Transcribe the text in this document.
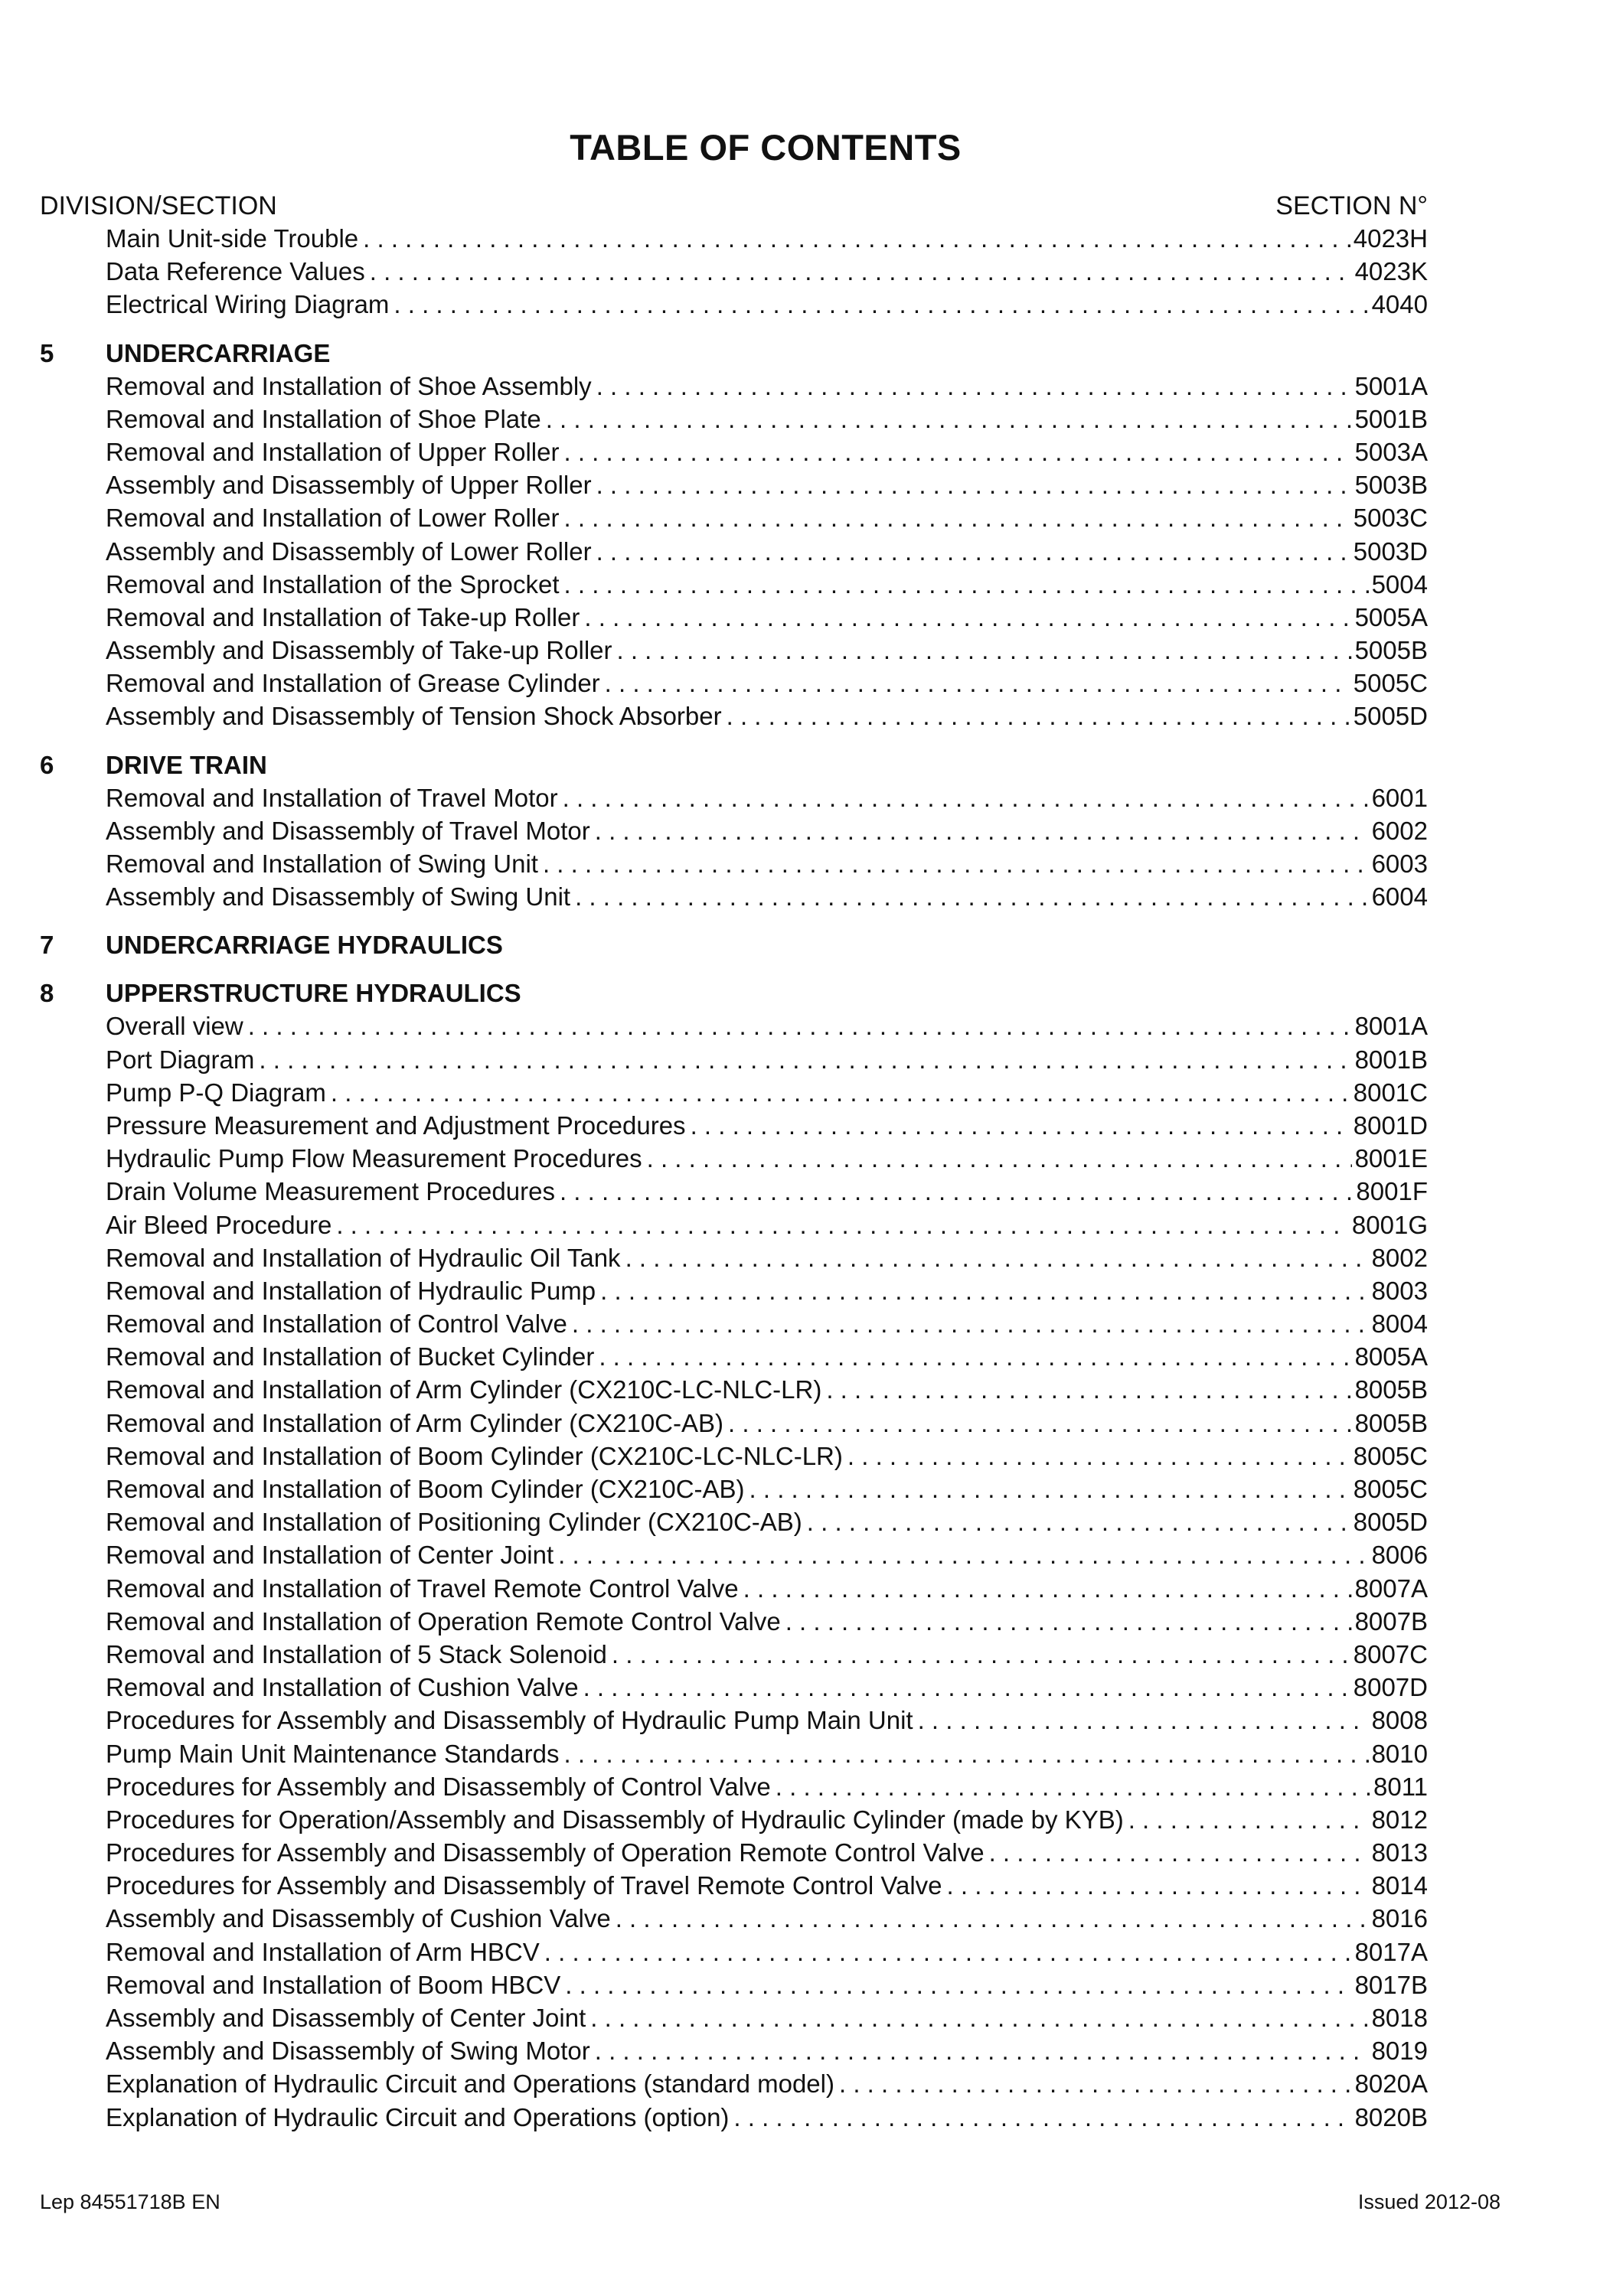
TABLE OF CONTENTS
DIVISION/SECTION	SECTION N°
Main Unit-side Trouble . . .	4023H
Data Reference Values . . .	4023K
Electrical Wiring Diagram . . .	4040
5	UNDERCARRIAGE
Removal and Installation of Shoe Assembly . . .	5001A
Removal and Installation of Shoe Plate . . .	5001B
Removal and Installation of Upper Roller . . .	5003A
Assembly and Disassembly of Upper Roller . . .	5003B
Removal and Installation of Lower Roller . . .	5003C
Assembly and Disassembly of Lower Roller . . .	5003D
Removal and Installation of the Sprocket . . .	5004
Removal and Installation of Take-up Roller . . .	5005A
Assembly and Disassembly of Take-up Roller . . .	5005B
Removal and Installation of Grease Cylinder . . .	5005C
Assembly and Disassembly of Tension Shock Absorber . . .	5005D
6	DRIVE TRAIN
Removal and Installation of Travel Motor . . .	6001
Assembly and Disassembly of Travel Motor . . .	6002
Removal and Installation of Swing Unit . . .	6003
Assembly and Disassembly of Swing Unit . . .	6004
7	UNDERCARRIAGE HYDRAULICS
8	UPPERSTRUCTURE HYDRAULICS
Overall view . . .	8001A
Port Diagram . . .	8001B
Pump P-Q Diagram . . .	8001C
Pressure Measurement and Adjustment Procedures . . .	8001D
Hydraulic Pump Flow Measurement Procedures . . .	8001E
Drain Volume Measurement Procedures . . .	8001F
Air Bleed Procedure . . .	8001G
Removal and Installation of Hydraulic Oil Tank . . .	8002
Removal and Installation of Hydraulic Pump . . .	8003
Removal and Installation of Control Valve . . .	8004
Removal and Installation of Bucket Cylinder . . .	8005A
Removal and Installation of Arm Cylinder (CX210C-LC-NLC-LR) . . .	8005B
Removal and Installation of Arm Cylinder (CX210C-AB) . . .	8005B
Removal and Installation of Boom Cylinder (CX210C-LC-NLC-LR) . . .	8005C
Removal and Installation of Boom Cylinder (CX210C-AB) . . .	8005C
Removal and Installation of Positioning Cylinder (CX210C-AB) . . .	8005D
Removal and Installation of Center Joint . . .	8006
Removal and Installation of Travel Remote Control Valve . . .	8007A
Removal and Installation of Operation Remote Control Valve . . .	8007B
Removal and Installation of 5 Stack Solenoid . . .	8007C
Removal and Installation of Cushion Valve . . .	8007D
Procedures for Assembly and Disassembly of Hydraulic Pump Main Unit . . .	8008
Pump Main Unit Maintenance Standards . . .	8010
Procedures for Assembly and Disassembly of Control Valve . . .	8011
Procedures for Operation/Assembly and Disassembly of Hydraulic Cylinder (made by KYB) . . .	8012
Procedures for Assembly and Disassembly of Operation Remote Control Valve . . .	8013
Procedures for Assembly and Disassembly of Travel Remote Control Valve . . .	8014
Assembly and Disassembly of Cushion Valve . . .	8016
Removal and Installation of Arm HBCV . . .	8017A
Removal and Installation of Boom HBCV . . .	8017B
Assembly and Disassembly of Center Joint . . .	8018
Assembly and Disassembly of Swing Motor . . .	8019
Explanation of Hydraulic Circuit and Operations (standard model) . . .	8020A
Explanation of Hydraulic Circuit and Operations (option) . . .	8020B
Lep 84551718B EN	Issued 2012-08
